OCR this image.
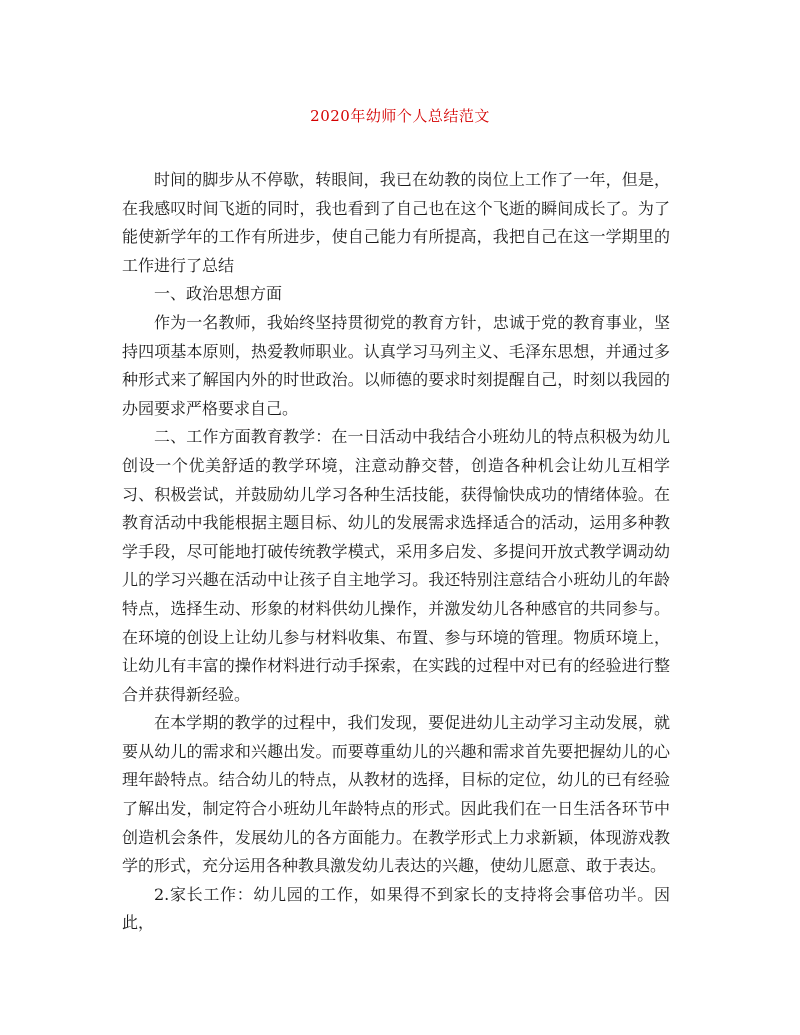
2020年幼师个人总结范文

时间的脚步从不停歇，转眼间，我已在幼教的岗位上工作了一年，但是，在我感叹时间飞逝的同时，我也看到了自己也在这个飞逝的瞬间成长了。为了能使新学年的工作有所进步，使自己能力有所提高，我把自己在这一学期里的工作进行了总结

一、政治思想方面

作为一名教师，我始终坚持贯彻党的教育方针，忠诚于党的教育事业，坚持四项基本原则，热爱教师职业。认真学习马列主义、毛泽东思想，并通过多种形式来了解国内外的时世政治。以师德的要求时刻提醒自己，时刻以我园的办园要求严格要求自己。

二、工作方面教育教学：在一日活动中我结合小班幼儿的特点积极为幼儿创设一个优美舒适的教学环境，注意动静交替，创造各种机会让幼儿互相学习、积极尝试，并鼓励幼儿学习各种生活技能，获得愉快成功的情绪体验。在教育活动中我能根据主题目标、幼儿的发展需求选择适合的活动，运用多种教学手段，尽可能地打破传统教学模式，采用多启发、多提问开放式教学调动幼儿的学习兴趣在活动中让孩子自主地学习。我还特别注意结合小班幼儿的年龄特点，选择生动、形象的材料供幼儿操作，并激发幼儿各种感官的共同参与。在环境的创设上让幼儿参与材料收集、布置、参与环境的管理。物质环境上，让幼儿有丰富的操作材料进行动手探索，在实践的过程中对已有的经验进行整合并获得新经验。

在本学期的教学的过程中，我们发现，要促进幼儿主动学习主动发展，就要从幼儿的需求和兴趣出发。而要尊重幼儿的兴趣和需求首先要把握幼儿的心理年龄特点。结合幼儿的特点，从教材的选择，目标的定位，幼儿的已有经验了解出发，制定符合小班幼儿年龄特点的形式。因此我们在一日生活各环节中创造机会条件，发展幼儿的各方面能力。在教学形式上力求新颖，体现游戏教学的形式，充分运用各种教具激发幼儿表达的兴趣，使幼儿愿意、敢于表达。

2.家长工作：幼儿园的工作，如果得不到家长的支持将会事倍功半。因此，
